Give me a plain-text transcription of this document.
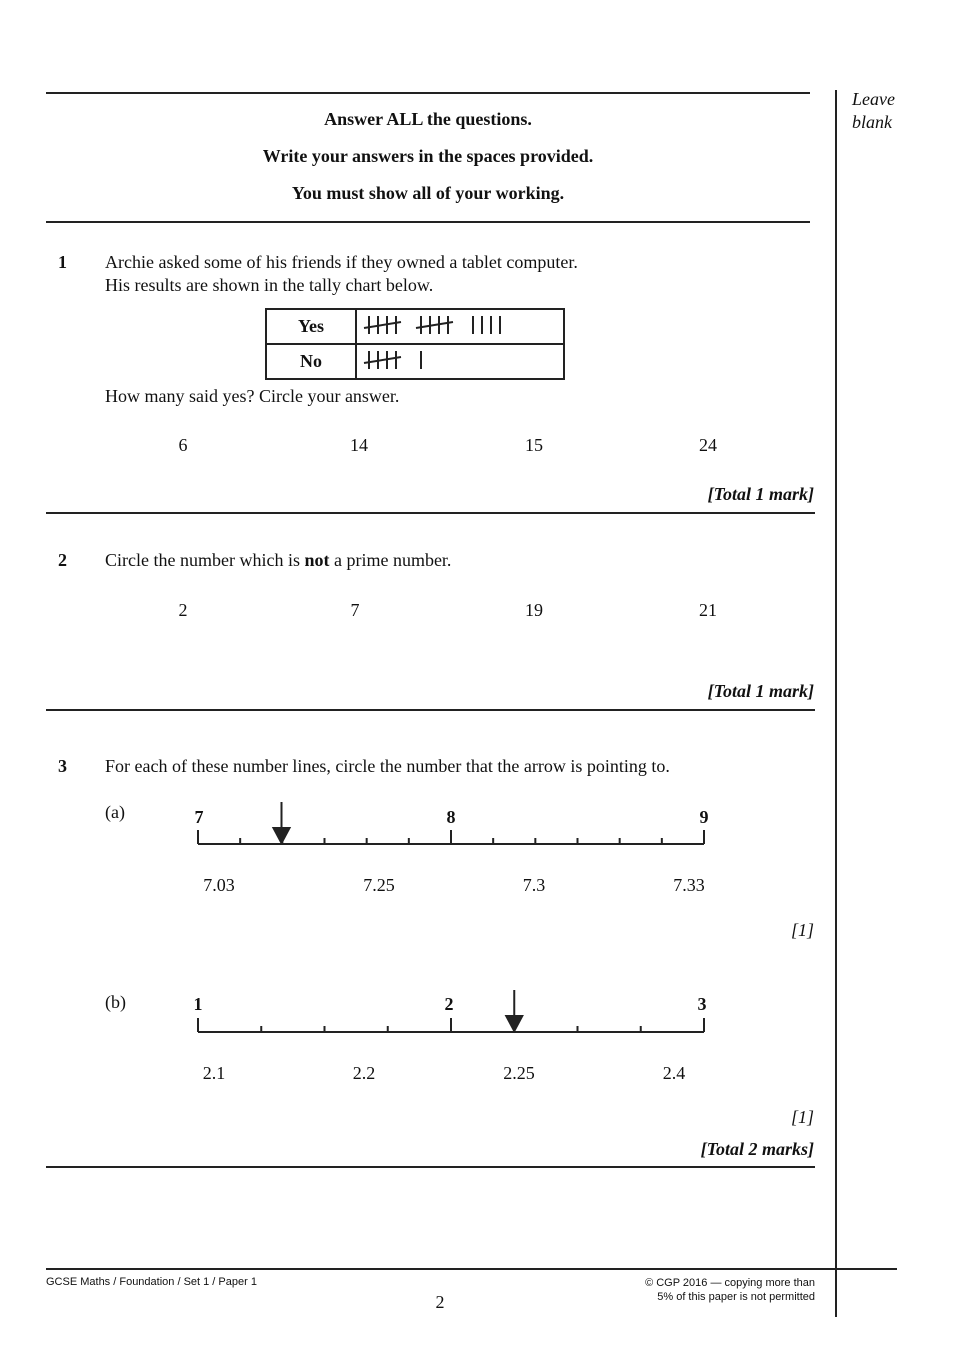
Leave
blank
Answer ALL the questions.
Write your answers in the spaces provided.
You must show all of your working.
1 Archie asked some of his friends if they owned a tablet computer.
His results are shown in the tally chart below.
Yes	
No	
How many said yes? Circle your answer.
6	14	15	24
[Total 1 mark]
2 Circle the number which is not a prime number.
2	7	19	21
[Total 1 mark]
3 For each of these number lines, circle the number that the arrow is pointing to.
(a)	7	8	9
7.03	7.25	7.3	7.33
[1]
(b)	1	2	3
2.1	2.2	2.25	2.4
[1]
[Total 2 marks]
GCSE Maths / Foundation / Set 1 / Paper 1
2
© CGP 2016 — copying more than
5% of this paper is not permitted
